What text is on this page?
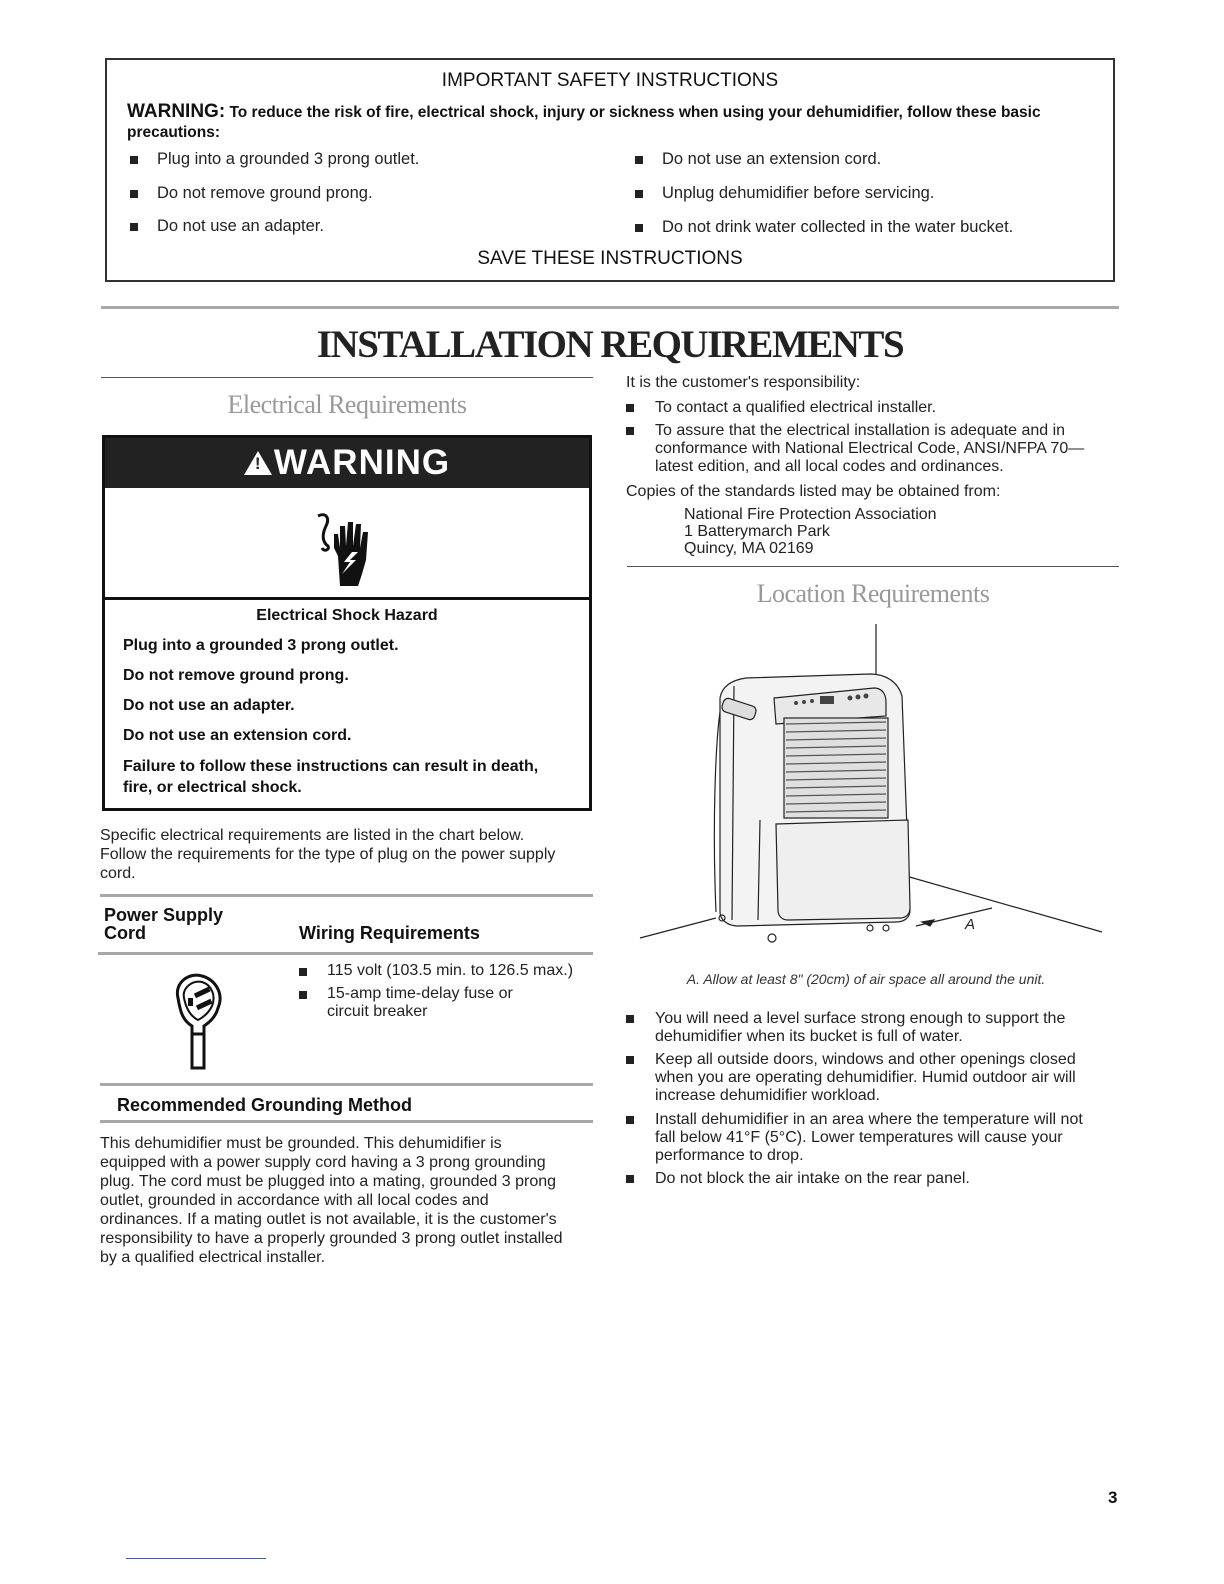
IMPORTANT SAFETY INSTRUCTIONS
WARNING: To reduce the risk of fire, electrical shock, injury or sickness when using your dehumidifier, follow these basic precautions:
Plug into a grounded 3 prong outlet.
Do not remove ground prong.
Do not use an adapter.
Do not use an extension cord.
Unplug dehumidifier before servicing.
Do not drink water collected in the water bucket.
SAVE THESE INSTRUCTIONS
INSTALLATION REQUIREMENTS
Electrical Requirements
!WARNING
Electrical Shock Hazard
Plug into a grounded 3 prong outlet.
Do not remove ground prong.
Do not use an adapter.
Do not use an extension cord.
Failure to follow these instructions can result in death,
fire, or electrical shock.
Specific electrical requirements are listed in the chart below.
Follow the requirements for the type of plug on the power supply
cord.
Power Supply
Cord	Wiring Requirements
115 volt (103.5 min. to 126.5 max.)
15-amp time-delay fuse or
circuit breaker
Recommended Grounding Method
This dehumidifier must be grounded. This dehumidifier is
equipped with a power supply cord having a 3 prong grounding
plug. The cord must be plugged into a mating, grounded 3 prong
outlet, grounded in accordance with all local codes and
ordinances. If a mating outlet is not available, it is the customer's
responsibility to have a properly grounded 3 prong outlet installed
by a qualified electrical installer.
It is the customer's responsibility:
To contact a qualified electrical installer.
To assure that the electrical installation is adequate and in
conformance with National Electrical Code, ANSI/NFPA 70—
latest edition, and all local codes and ordinances.
Copies of the standards listed may be obtained from:
National Fire Protection Association
1 Batterymarch Park
Quincy, MA 02169
Location Requirements
A
A. Allow at least 8" (20cm) of air space all around the unit.
You will need a level surface strong enough to support the
dehumidifier when its bucket is full of water.
Keep all outside doors, windows and other openings closed
when you are operating dehumidifier. Humid outdoor air will
increase dehumidifier workload.
Install dehumidifier in an area where the temperature will not
fall below 41°F (5°C). Lower temperatures will cause your
performance to drop.
Do not block the air intake on the rear panel.
3
